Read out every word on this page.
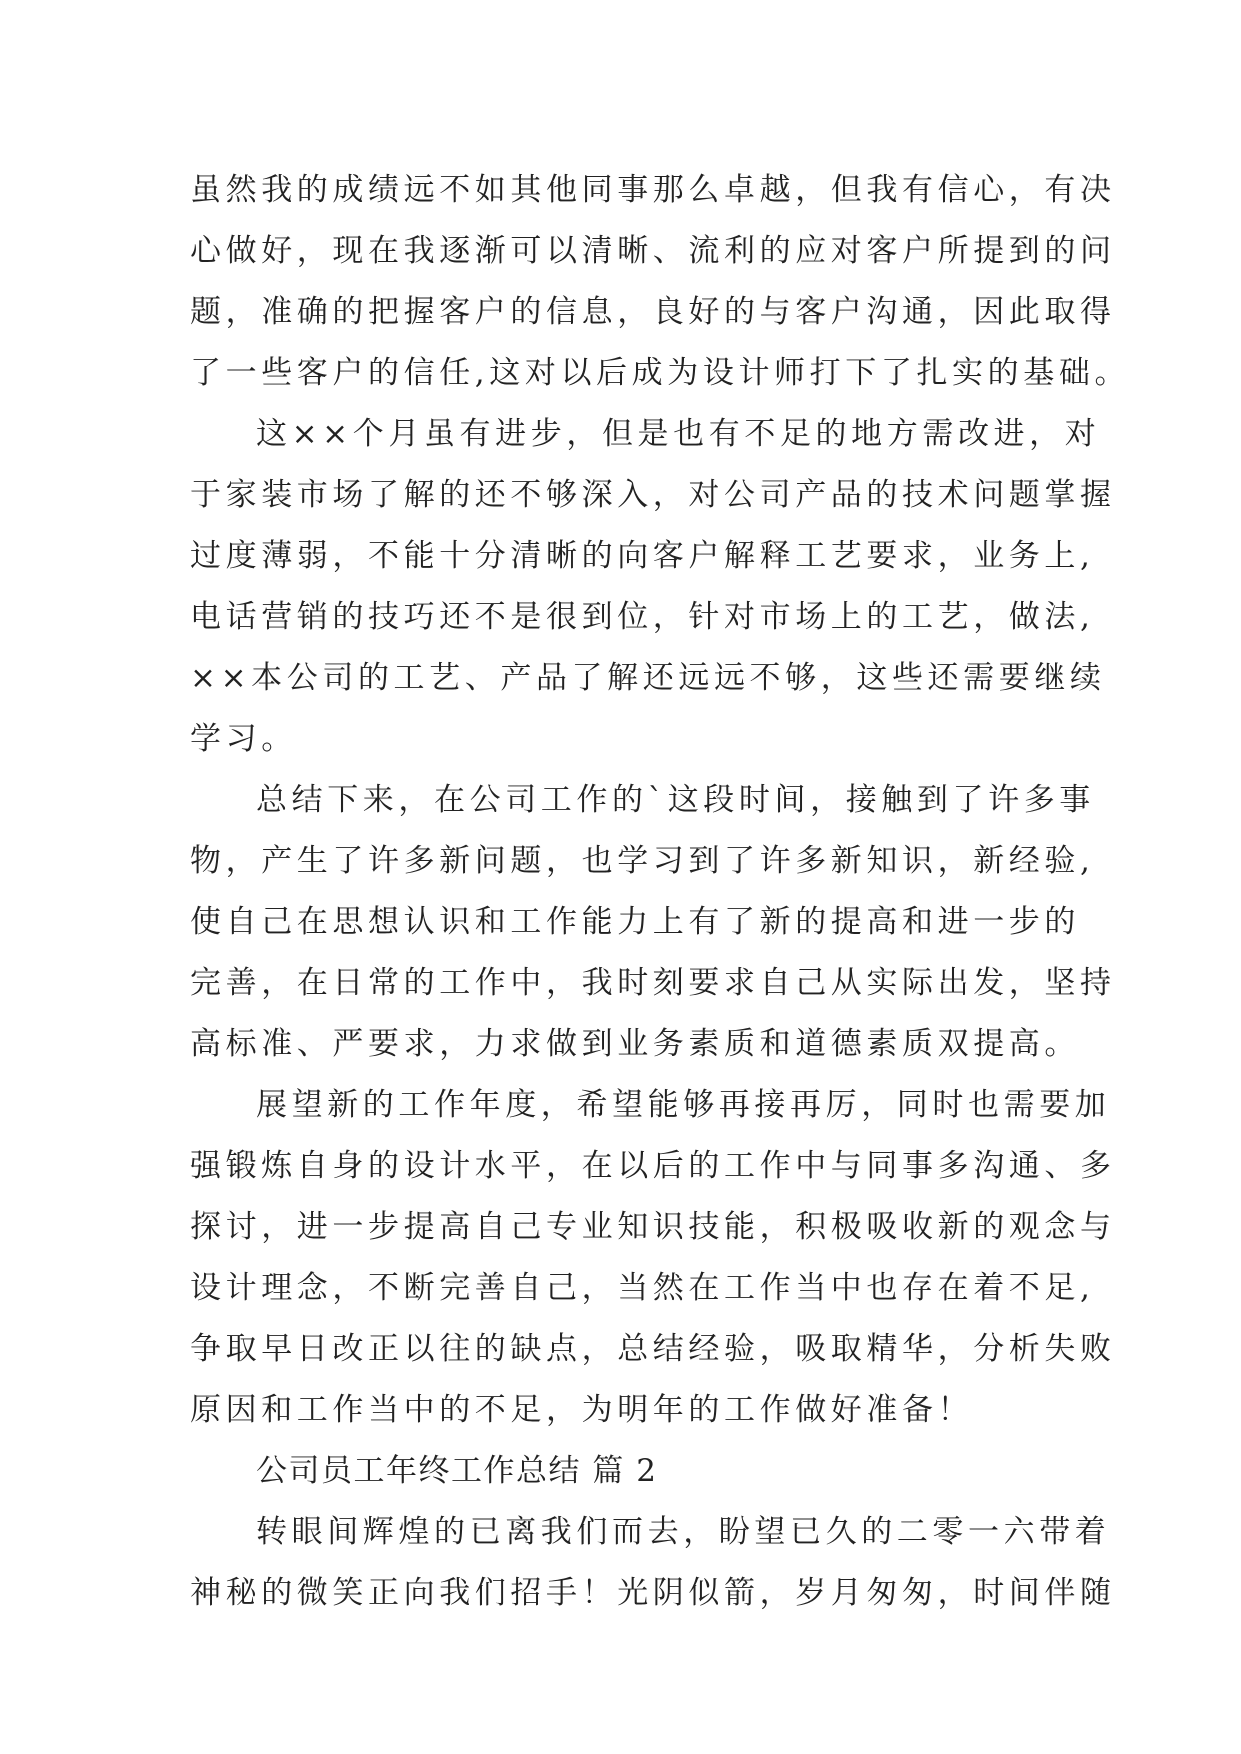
虽然我的成绩远不如其他同事那么卓越，但我有信心，有决

心做好，现在我逐渐可以清晰、流利的应对客户所提到的问

题，准确的把握客户的信息，良好的与客户沟通，因此取得

了一些客户的信任,这对以后成为设计师打下了扎实的基础。

这××个月虽有进步，但是也有不足的地方需改进，对

于家装市场了解的还不够深入，对公司产品的技术问题掌握

过度薄弱，不能十分清晰的向客户解释工艺要求，业务上,

电话营销的技巧还不是很到位，针对市场上的工艺，做法,

××本公司的工艺、产品了解还远远不够，这些还需要继续

学习。

总结下来，在公司工作的`这段时间，接触到了许多事

物，产生了许多新问题，也学习到了许多新知识，新经验,

使自己在思想认识和工作能力上有了新的提高和进一步的

完善，在日常的工作中，我时刻要求自己从实际出发，坚持

高标准、严要求，力求做到业务素质和道德素质双提高。

展望新的工作年度，希望能够再接再厉，同时也需要加

强锻炼自身的设计水平，在以后的工作中与同事多沟通、多

探讨，进一步提高自己专业知识技能，积极吸收新的观念与

设计理念，不断完善自己，当然在工作当中也存在着不足,

争取早日改正以往的缺点，总结经验，吸取精华，分析失败

原因和工作当中的不足，为明年的工作做好准备！

公司员工年终工作总结 篇 2

转眼间辉煌的已离我们而去，盼望已久的二零一六带着

神秘的微笑正向我们招手！光阴似箭，岁月匆匆，时间伴随
